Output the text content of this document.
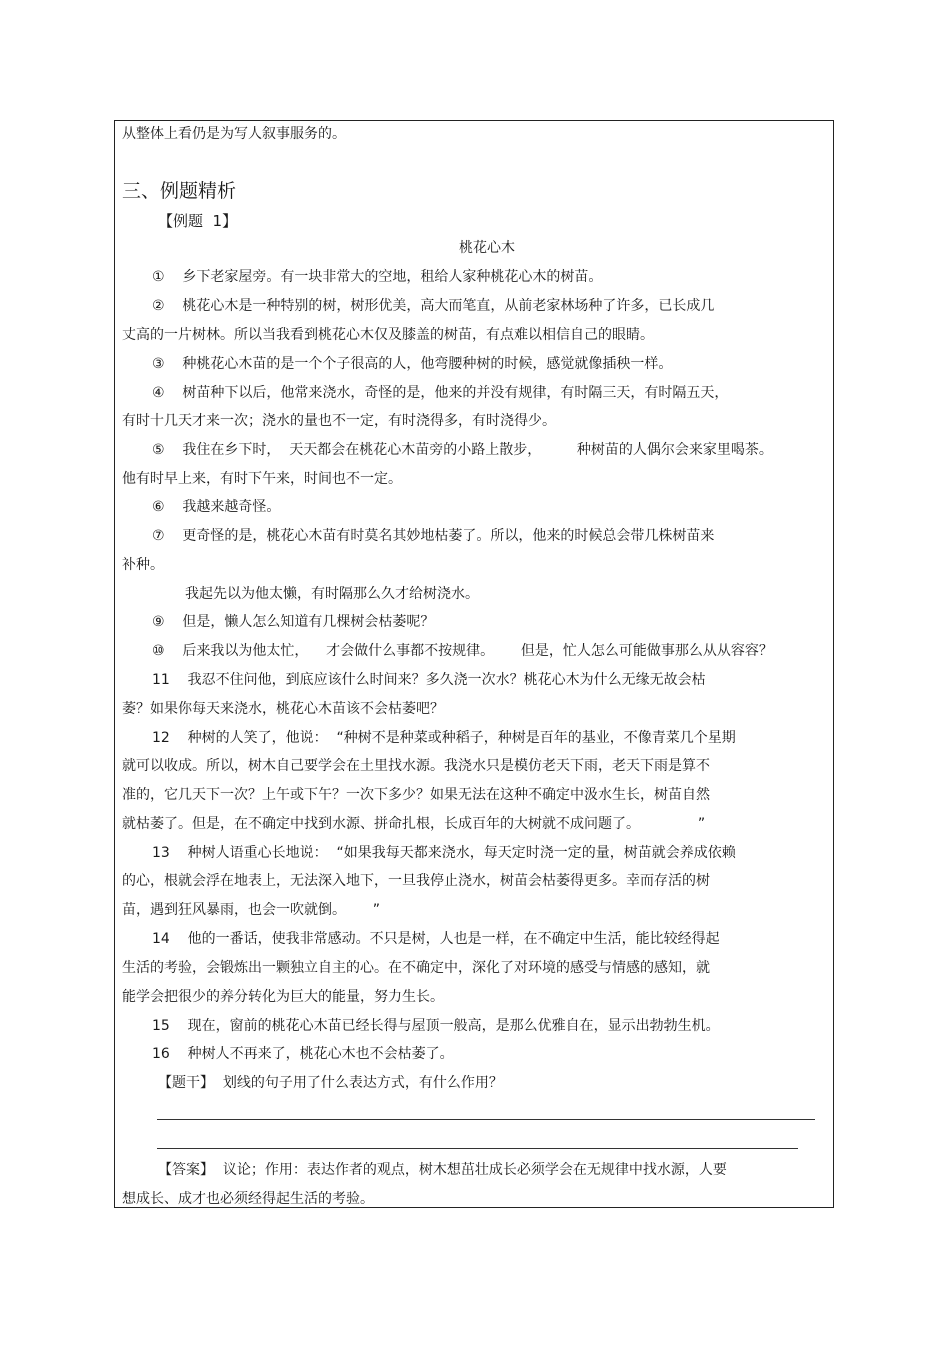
从整体上看仍是为写人叙事服务的。
三、例题精析
【例题  1】
桃花心木
①    乡下老家屋旁。有一块非常大的空地，租给人家种桃花心木的树苗。
②    桃花心木是一种特别的树，树形优美，高大而笔直，从前老家林场种了许多，已长成几
丈高的一片树林。所以当我看到桃花心木仅及膝盖的树苗，有点难以相信自己的眼睛。
③    种桃花心木苗的是一个个子很高的人，他弯腰种树的时候，感觉就像插秧一样。
④    树苗种下以后，他常来浇水，奇怪的是，他来的并没有规律，有时隔三天，有时隔五天，
有时十几天才来一次；浇水的量也不一定，有时浇得多，有时浇得少。
⑤    我住在乡下时，  天天都会在桃花心木苗旁的小路上散步，        种树苗的人偶尔会来家里喝茶。
他有时早上来，有时下午来，时间也不一定。
⑥    我越来越奇怪。
⑦    更奇怪的是，桃花心木苗有时莫名其妙地枯萎了。所以，他来的时候总会带几株树苗来
补种。
我起先以为他太懒，有时隔那么久才给树浇水。
⑨    但是，懒人怎么知道有几棵树会枯萎呢？
⑩    后来我以为他太忙，    才会做什么事都不按规律。      但是，忙人怎么可能做事那么从从容容？
11    我忍不住问他，到底应该什么时间来？多久浇一次水？桃花心木为什么无缘无故会枯
萎？如果你每天来浇水，桃花心木苗该不会枯萎吧？
12    种树的人笑了，他说：  “种树不是种菜或种稻子，种树是百年的基业，不像青菜几个星期
就可以收成。所以，树木自己要学会在土里找水源。我浇水只是模仿老天下雨，老天下雨是算不
准的，它几天下一次？上午或下午？一次下多少？如果无法在这种不确定中汲水生长，树苗自然
就枯萎了。但是，在不确定中找到水源、拼命扎根，长成百年的大树就不成问题了。             ”
13    种树人语重心长地说：  “如果我每天都来浇水，每天定时浇一定的量，树苗就会养成依赖
的心，根就会浮在地表上，无法深入地下，一旦我停止浇水，树苗会枯萎得更多。幸而存活的树
苗，遇到狂风暴雨，也会一吹就倒。      ”
14    他的一番话，使我非常感动。不只是树，人也是一样，在不确定中生活，能比较经得起
生活的考验，会锻炼出一颗独立自主的心。在不确定中，深化了对环境的感受与情感的感知，就
能学会把很少的养分转化为巨大的能量，努力生长。
15    现在，窗前的桃花心木苗已经长得与屋顶一般高，是那么优雅自在，显示出勃勃生机。
16    种树人不再来了，桃花心木也不会枯萎了。
【题干】  划线的句子用了什么表达方式，有什么作用？
【答案】  议论；作用：表达作者的观点，树木想茁壮成长必须学会在无规律中找水源，人要
想成长、成才也必须经得起生活的考验。
